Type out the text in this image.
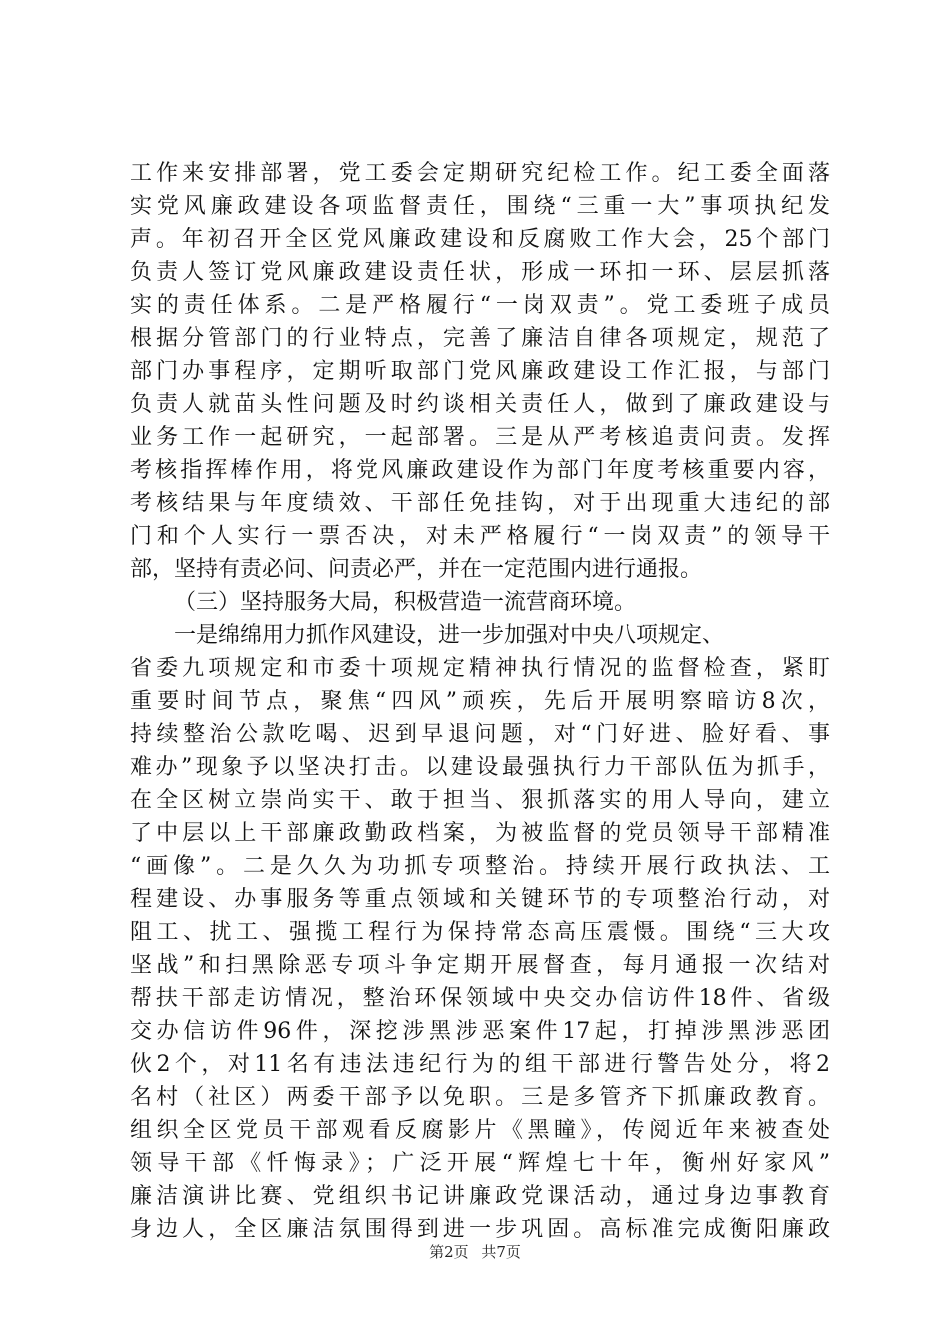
工作来安排部署，党工委会定期研究纪检工作。纪工委全面落
实党风廉政建设各项监督责任，围绕“三重一大”事项执纪发
声。年初召开全区党风廉政建设和反腐败工作大会，25个部门
负责人签订党风廉政建设责任状，形成一环扣一环、层层抓落
实的责任体系。二是严格履行“一岗双责”。党工委班子成员
根据分管部门的行业特点，完善了廉洁自律各项规定，规范了
部门办事程序，定期听取部门党风廉政建设工作汇报，与部门
负责人就苗头性问题及时约谈相关责任人，做到了廉政建设与
业务工作一起研究，一起部署。三是从严考核追责问责。发挥
考核指挥棒作用，将党风廉政建设作为部门年度考核重要内容，
考核结果与年度绩效、干部任免挂钩，对于出现重大违纪的部
门和个人实行一票否决，对未严格履行“一岗双责”的领导干
部，坚持有责必问、问责必严，并在一定范围内进行通报。
（三）坚持服务大局，积极营造一流营商环境。
一是绵绵用力抓作风建设，进一步加强对中央八项规定、
省委九项规定和市委十项规定精神执行情况的监督检查，紧盯
重要时间节点，聚焦“四风”顽疾，先后开展明察暗访8次，
持续整治公款吃喝、迟到早退问题，对“门好进、脸好看、事
难办”现象予以坚决打击。以建设最强执行力干部队伍为抓手，
在全区树立崇尚实干、敢于担当、狠抓落实的用人导向，建立
了中层以上干部廉政勤政档案，为被监督的党员领导干部精准
“画像”。二是久久为功抓专项整治。持续开展行政执法、工
程建设、办事服务等重点领域和关键环节的专项整治行动，对
阻工、扰工、强揽工程行为保持常态高压震慑。围绕“三大攻
坚战”和扫黑除恶专项斗争定期开展督查，每月通报一次结对
帮扶干部走访情况，整治环保领域中央交办信访件18件、省级
交办信访件96件，深挖涉黑涉恶案件17起，打掉涉黑涉恶团
伙2个，对11名有违法违纪行为的组干部进行警告处分，将2
名村（社区）两委干部予以免职。三是多管齐下抓廉政教育。
组织全区党员干部观看反腐影片《黑瞳》，传阅近年来被查处
领导干部《忏悔录》；广泛开展“辉煌七十年，衡州好家风”
廉洁演讲比赛、党组织书记讲廉政党课活动，通过身边事教育
身边人，全区廉洁氛围得到进一步巩固。高标准完成衡阳廉政
第2页 共7页
